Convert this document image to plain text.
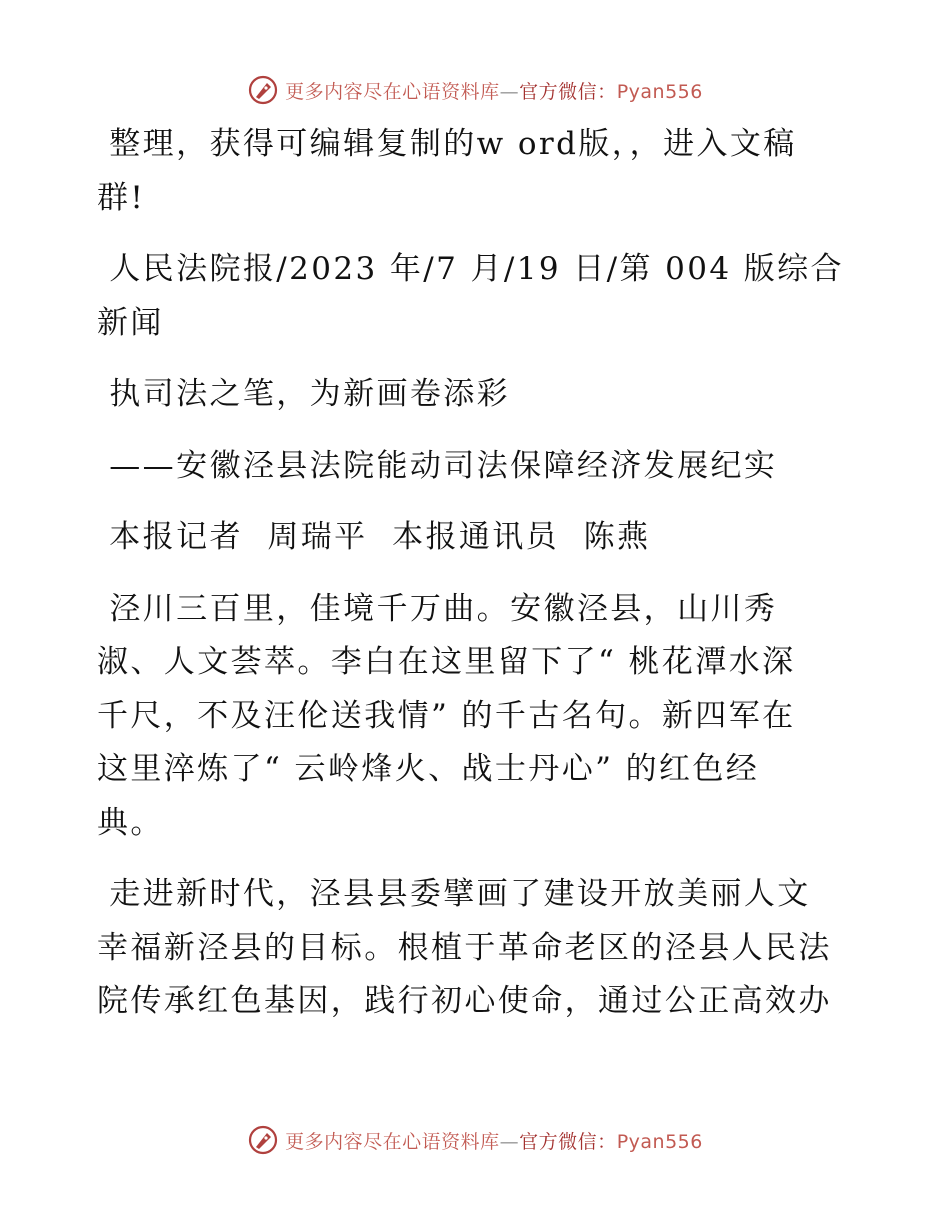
更多内容尽在心语资料库—官方微信：Pyan556

整理，获得可编辑复制的w ord版，，进入文稿

群!

人民法院报/2023 年/7 月/19 日/第 004 版综合

新闻

执司法之笔，为新画卷添彩

——安徽泾县法院能动司法保障经济发展纪实

本报记者  周瑞平  本报通讯员  陈燕

泾川三百里，佳境千万曲。安徽泾县，山川秀

淑、人文荟萃。李白在这里留下了“ 桃花潭水深

千尺，不及汪伦送我情” 的千古名句。新四军在

这里淬炼了“ 云岭烽火、战士丹心” 的红色经

典。

走进新时代，泾县县委擘画了建设开放美丽人文

幸福新泾县的目标。根植于革命老区的泾县人民法

院传承红色基因，践行初心使命，通过公正高效办

更多内容尽在心语资料库—官方微信：Pyan556
